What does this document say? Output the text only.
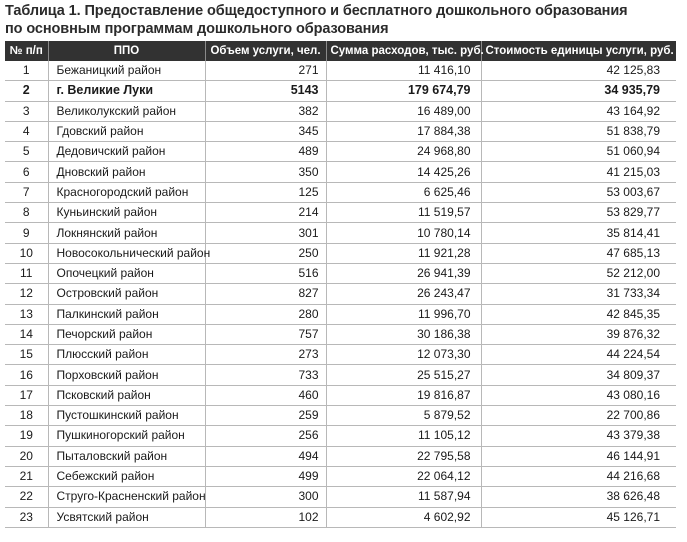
Таблица 1. Предоставление общедоступного и бесплатного дошкольного образования
по основным программам дошкольного образования
№ п/п	ППО	Объем услуги, чел.	Сумма расходов, тыс. руб.	Стоимость единицы услуги, руб.
1	Бежаницкий район	271	11 416,10	42 125,83
2	г. Великие Луки	5143	179 674,79	34 935,79
3	Великолукский район	382	16 489,00	43 164,92
4	Гдовский район	345	17 884,38	51 838,79
5	Дедовичский район	489	24 968,80	51 060,94
6	Дновский район	350	14 425,26	41 215,03
7	Красногородский район	125	6 625,46	53 003,67
8	Куньинский район	214	11 519,57	53 829,77
9	Локнянский район	301	10 780,14	35 814,41
10	Новосокольнический район	250	11 921,28	47 685,13
11	Опочецкий район	516	26 941,39	52 212,00
12	Островский район	827	26 243,47	31 733,34
13	Палкинский район	280	11 996,70	42 845,35
14	Печорский район	757	30 186,38	39 876,32
15	Плюсский район	273	12 073,30	44 224,54
16	Порховский район	733	25 515,27	34 809,37
17	Псковский район	460	19 816,87	43 080,16
18	Пустошкинский район	259	5 879,52	22 700,86
19	Пушкиногорский район	256	11 105,12	43 379,38
20	Пыталовский район	494	22 795,58	46 144,91
21	Себежский район	499	22 064,12	44 216,68
22	Струго-Красненский район	300	11 587,94	38 626,48
23	Усвятский район	102	4 602,92	45 126,71
